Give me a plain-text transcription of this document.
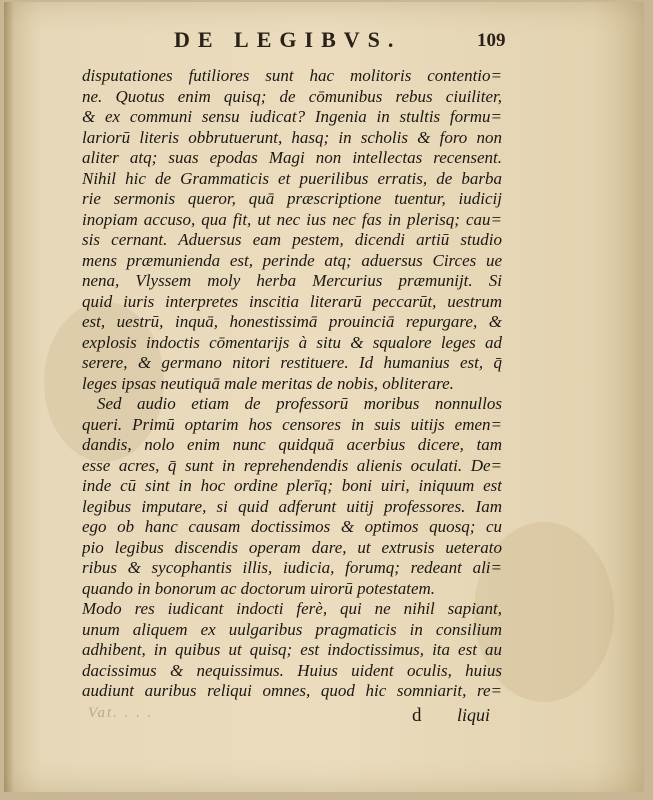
DE LEGIBVS.	109
disputationes futiliores sunt hac molitoris contentio=
ne. Quotus enim quisq; de cōmunibus rebus ciuiliter,
& ex communi sensu iudicat? Ingenia in stultis formu=
lariorū literis obbrutuerunt, hasq; in scholis & foro non
aliter atq; suas epodas Magi non intellectas recensent.
Nihil hic de Grammaticis et puerilibus erratis, de barba
rie sermonis queror, quā præscriptione tuentur, iudicij
inopiam accuso, qua fit, ut nec ius nec fas in plerisq; cau=
sis cernant. Aduersus eam pestem, dicendi artiū studio
mens præmunienda est, perinde atq; aduersus Circes ue
nena, Vlyssem moly herba Mercurius præmunijt. Si
quid iuris interpretes inscitia literarū peccarūt, uestrum
est, uestrū, inquā, honestissimā prouinciā repurgare, &
explosis indoctis cōmentarijs à situ & squalore leges ad
serere, & germano nitori restituere. Id humanius est, q̄
leges ipsas neutiquā male meritas de nobis, obliterare.
Sed audio etiam de professorū moribus nonnullos
queri. Primū optarim hos censores in suis uitijs emen=
dandis, nolo enim nunc quidquā acerbius dicere, tam
esse acres, q̄ sunt in reprehendendis alienis oculati. De=
inde cū sint in hoc ordine plerīq; boni uiri, iniquum est
legibus imputare, si quid adferunt uitij professores. Iam
ego ob hanc causam doctissimos & optimos quosq; cu
pio legibus discendis operam dare, ut extrusis ueterato
ribus & sycophantis illis, iudicia, forumq; redeant ali=
quando in bonorum ac doctorum uirorū potestatem.
Modo res iudicant indocti ferè, qui ne nihil sapiant,
unum aliquem ex uulgaribus pragmaticis in consilium
adhibent, in quibus ut quisq; est indoctissimus, ita est au
dacissimus & nequissimus. Huius uident oculis, huius
audiunt auribus reliqui omnes, quod hic somniarit, re=
Vat. . . .	d liqui
